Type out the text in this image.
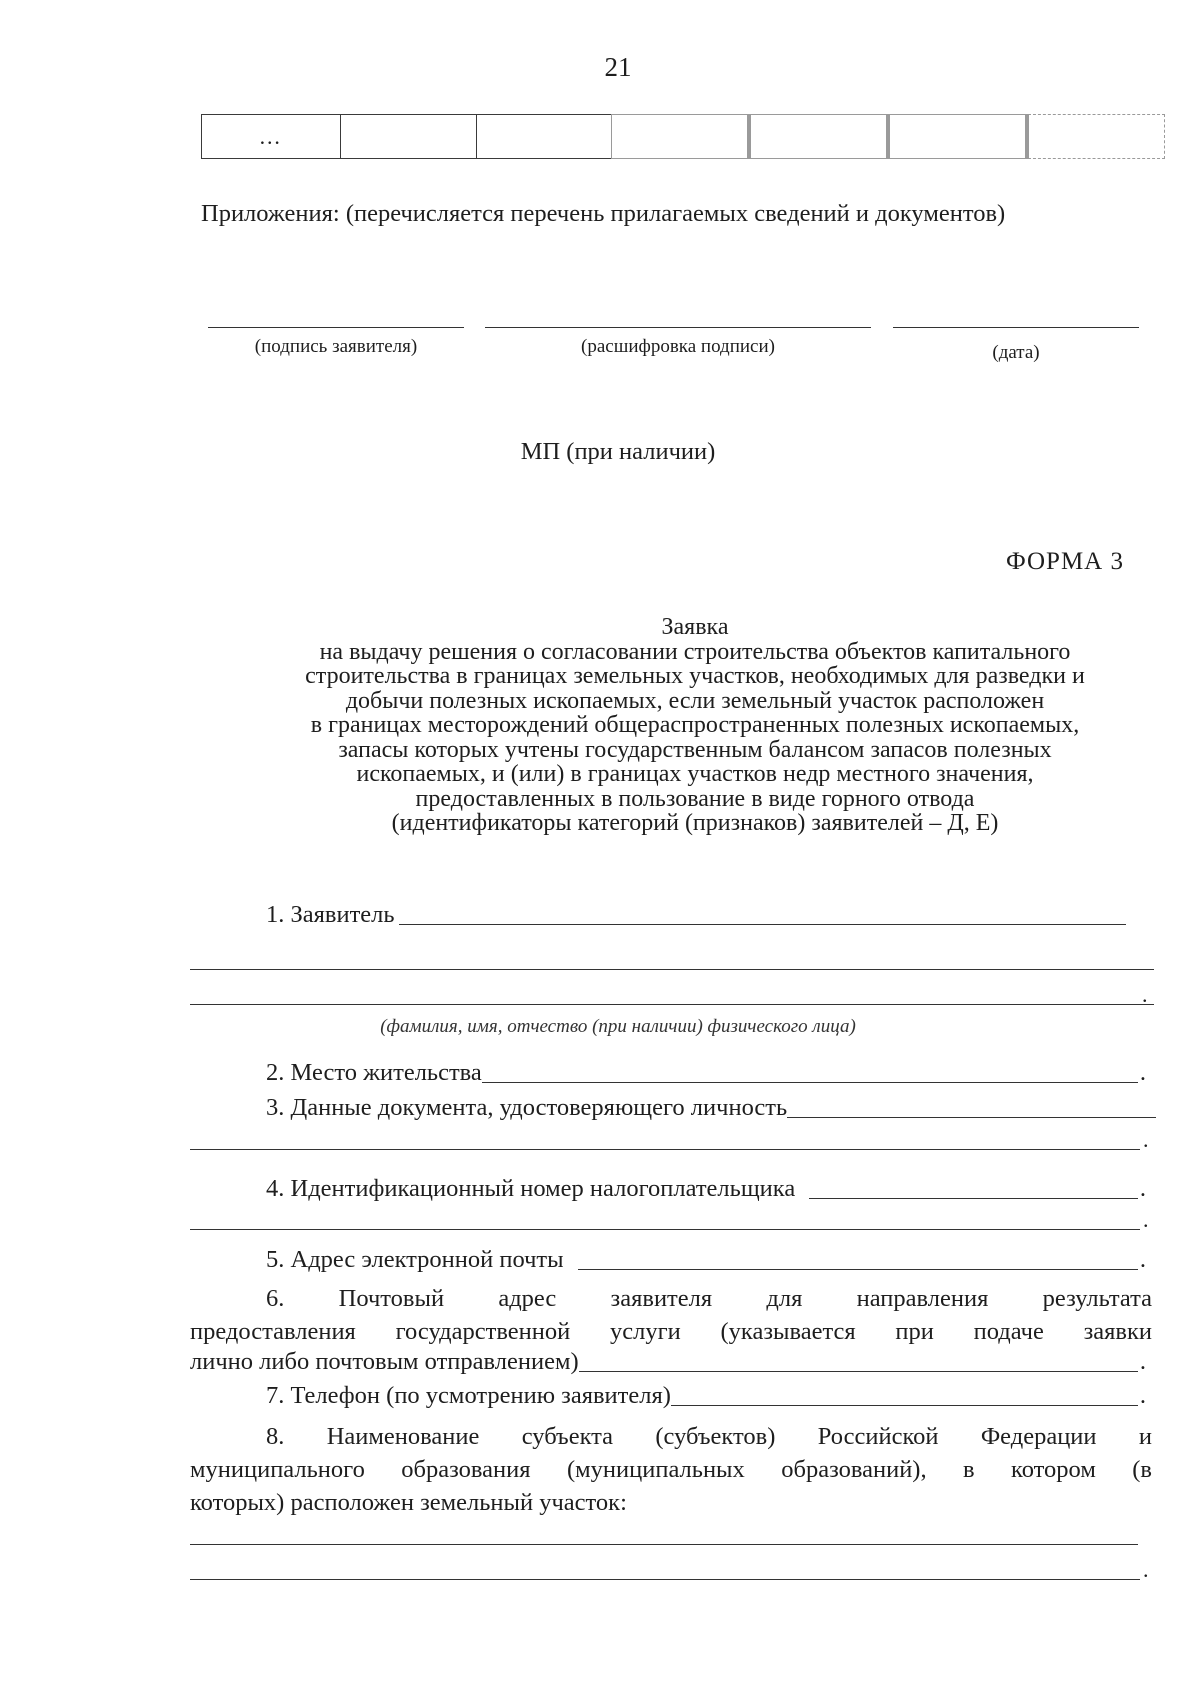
21
…
Приложения: (перечисляется перечень прилагаемых сведений и документов)
(подпись заявителя)	(расшифровка подписи)	(дата)
МП (при наличии)
ФОРМА 3
Заявка
на выдачу решения о согласовании строительства объектов капитального
строительства в границах земельных участков, необходимых для разведки и
добычи полезных ископаемых, если земельный участок расположен
в границах месторождений общераспространенных полезных ископаемых,
запасы которых учтены государственным балансом запасов полезных
ископаемых, и (или) в границах участков недр местного значения,
предоставленных в пользование в виде горного отвода
(идентификаторы категорий (признаков) заявителей – Д, Е)
1. Заявитель
.
(фамилия, имя, отчество (при наличии) физического лица)
2. Место жительства	.
3. Данные документа, удостоверяющего личность
.
4. Идентификационный номер налогоплательщика	.
.
5. Адрес электронной почты	.
6. Почтовый адрес заявителя для направления результата
предоставления государственной услуги (указывается при подаче заявки
лично либо почтовым отправлением)	.
7. Телефон (по усмотрению заявителя)	.
8. Наименование субъекта (субъектов) Российской Федерации и
муниципального образования (муниципальных образований), в котором (в
которых) расположен земельный участок:
.
